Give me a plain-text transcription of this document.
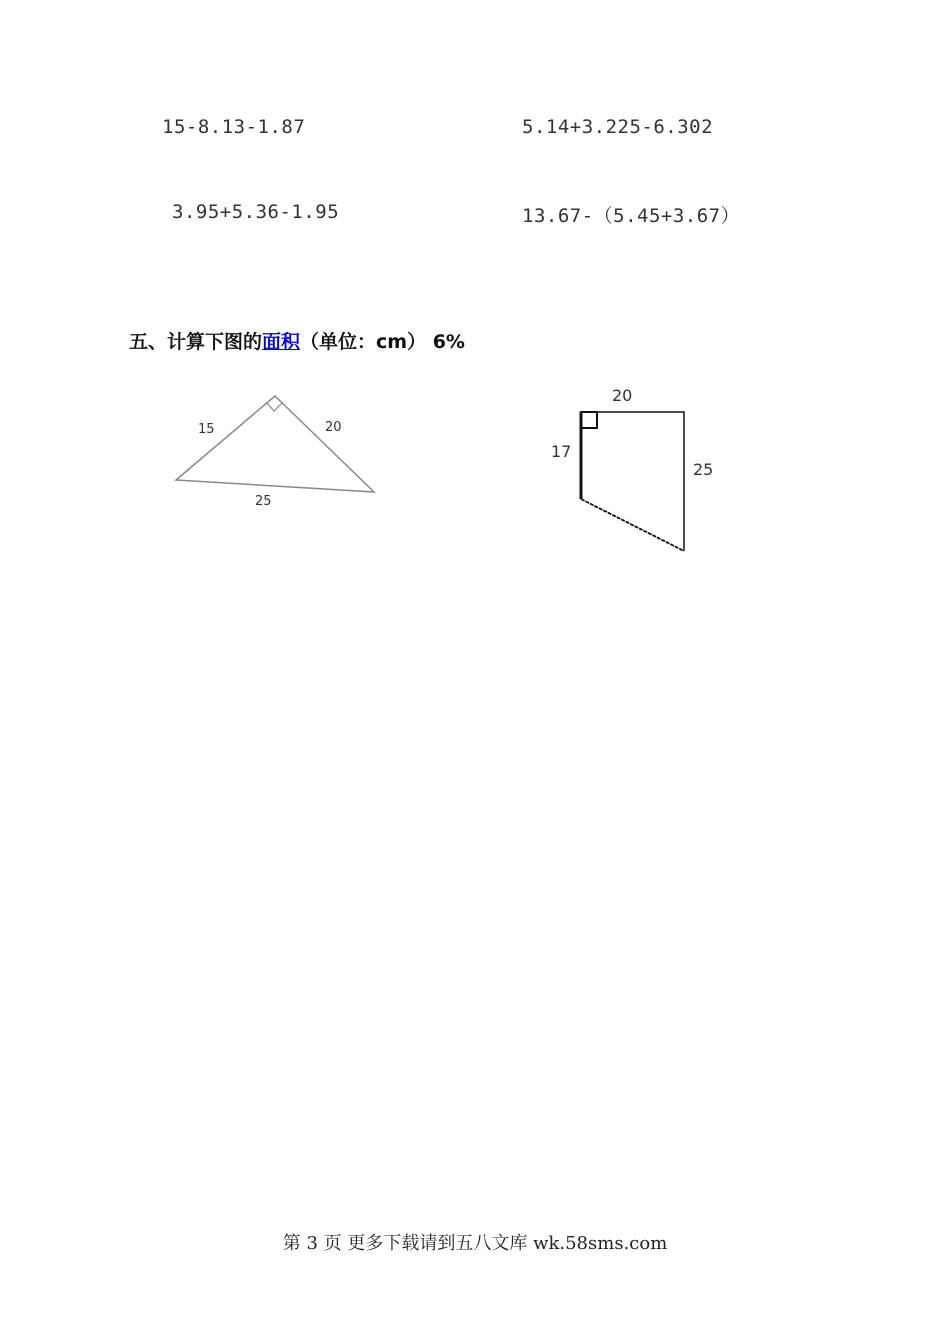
15-8.13-1.87	5.14+3.225-6.302
3.95+5.36-1.95	13.67-（5.45+3.67）
五、计算下图的面积（单位：cm） 6%
15	20
25
20
17
25
第 3 页 更多下载请到五八文库 wk.58sms.com
